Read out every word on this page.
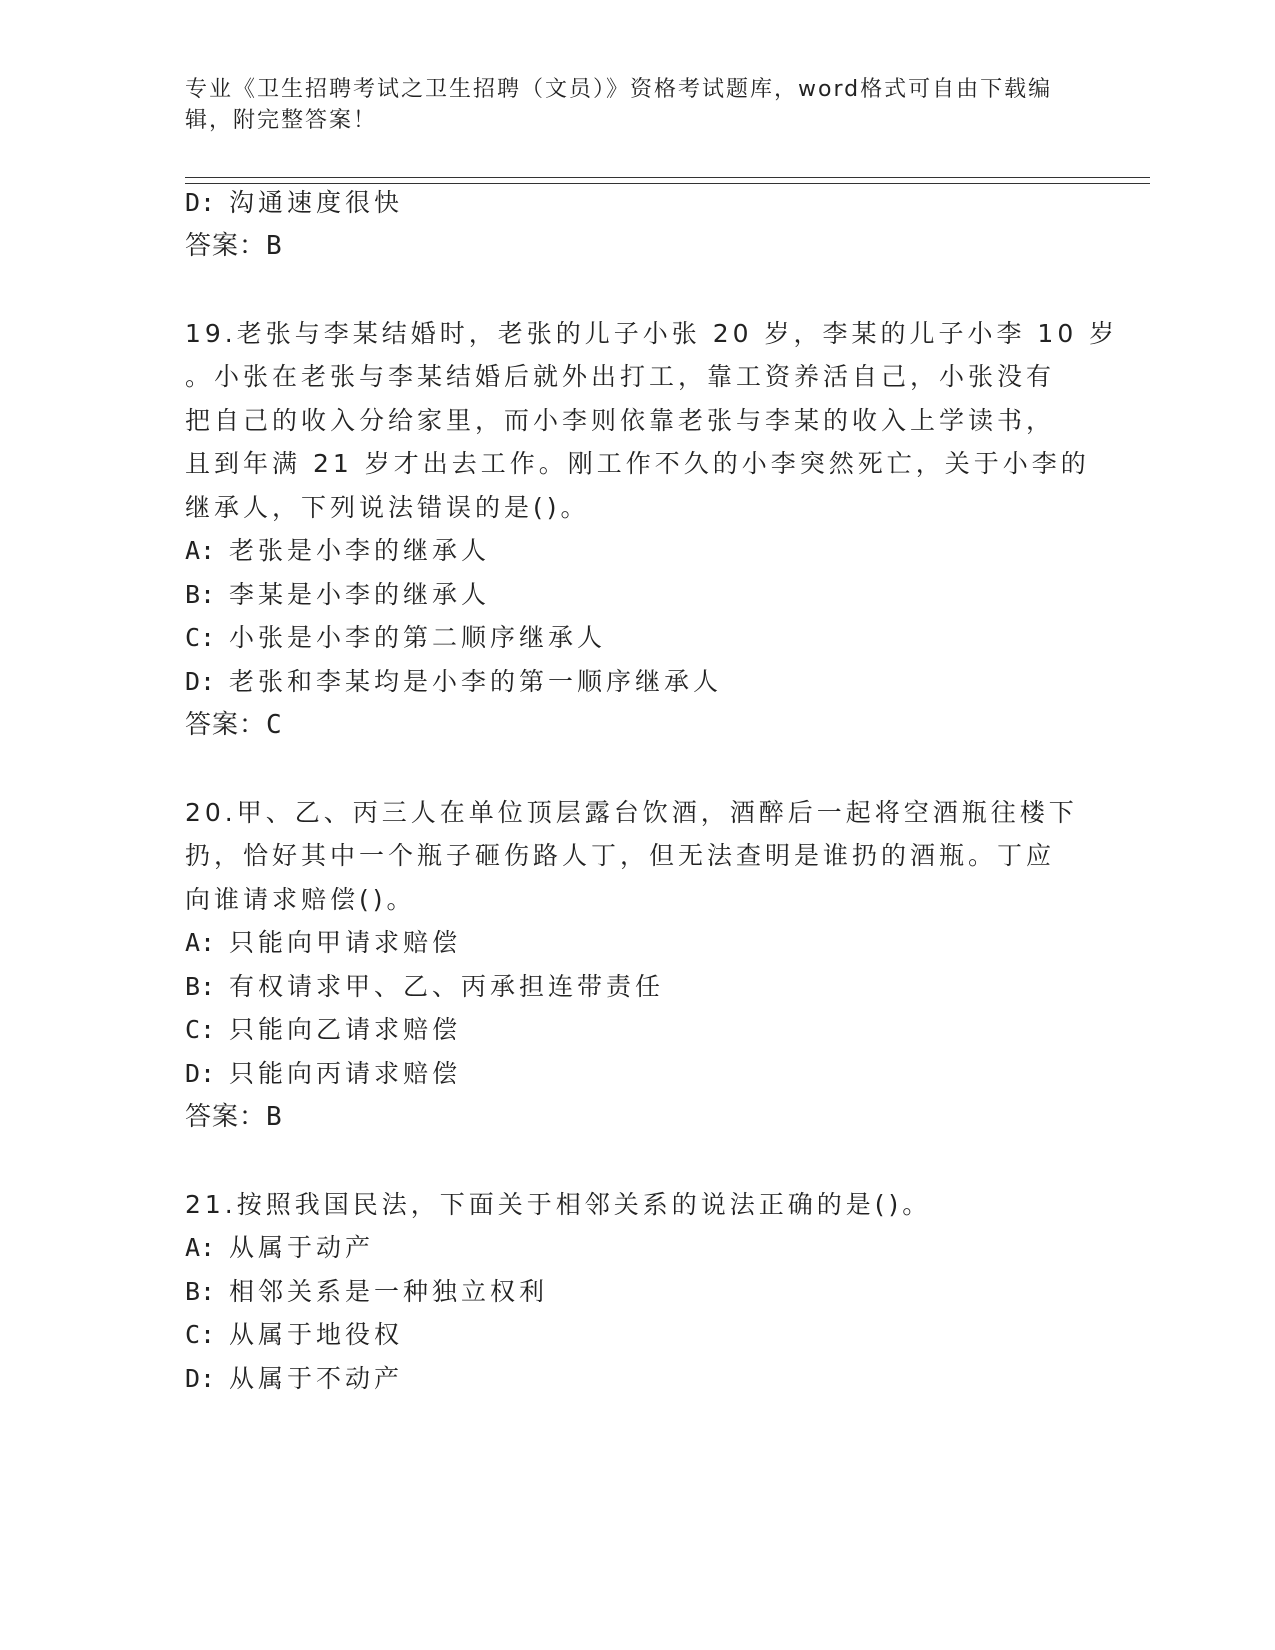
专业《卫生招聘考试之卫生招聘（文员）》资格考试题库，word格式可自由下载编辑，附完整答案！
D: 沟通速度很快
答案：B
19.老张与李某结婚时，老张的儿子小张 20 岁，李某的儿子小李 10 岁
。小张在老张与李某结婚后就外出打工，靠工资养活自己，小张没有
把自己的收入分给家里，而小李则依靠老张与李某的收入上学读书，
且到年满 21 岁才出去工作。刚工作不久的小李突然死亡，关于小李的
继承人，下列说法错误的是()。
A: 老张是小李的继承人
B: 李某是小李的继承人
C: 小张是小李的第二顺序继承人
D: 老张和李某均是小李的第一顺序继承人
答案：C
20.甲、乙、丙三人在单位顶层露台饮酒，酒醉后一起将空酒瓶往楼下
扔，恰好其中一个瓶子砸伤路人丁，但无法查明是谁扔的酒瓶。丁应
向谁请求赔偿()。
A: 只能向甲请求赔偿
B: 有权请求甲、乙、丙承担连带责任
C: 只能向乙请求赔偿
D: 只能向丙请求赔偿
答案：B
21.按照我国民法，下面关于相邻关系的说法正确的是()。
A: 从属于动产
B: 相邻关系是一种独立权利
C: 从属于地役权
D: 从属于不动产
